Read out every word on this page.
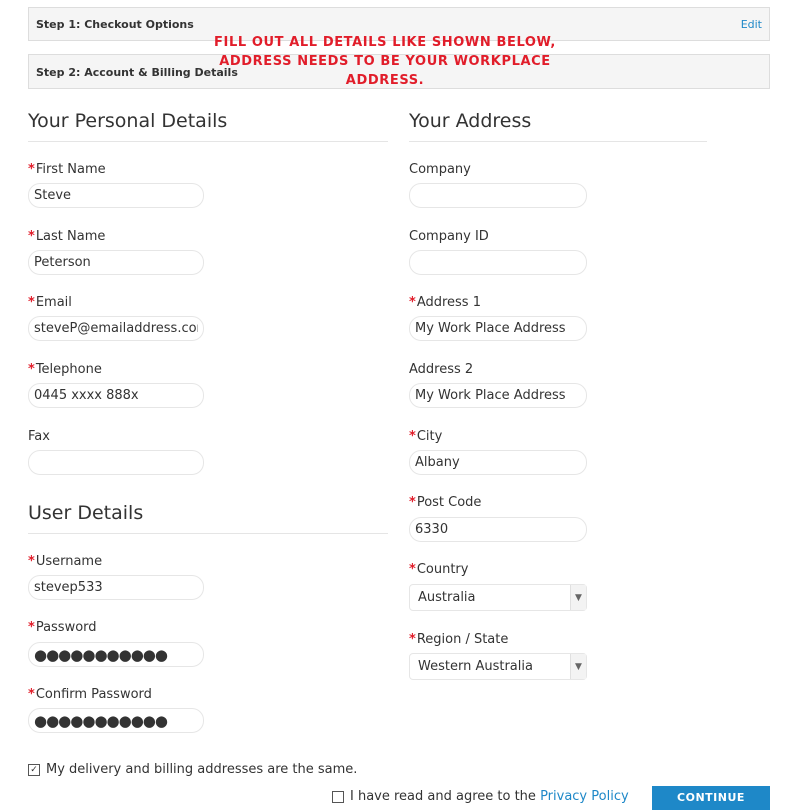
Step 1: Checkout Options	Edit
Step 2: Account & Billing Details
FILL OUT ALL DETAILS LIKE SHOWN BELOW,
ADDRESS NEEDS TO BE YOUR WORKPLACE
ADDRESS.
Your Personal Details
*First Name
Steve
*Last Name
Peterson
*Email
steveP@emailaddress.com.au
*Telephone
0445 xxxx 888x
Fax
User Details
*Username
stevep533
*Password
●●●●●●●●●●●
*Confirm Password
●●●●●●●●●●●
Your Address
Company
Company ID
*Address 1
My Work Place Address
Address 2
My Work Place Address
*City
Albany
*Post Code
6330
*Country
Australia	▼
*Region / State
Western Australia	▼
✓ My delivery and billing addresses are the same.
I have read and agree to the Privacy Policy	CONTINUE
